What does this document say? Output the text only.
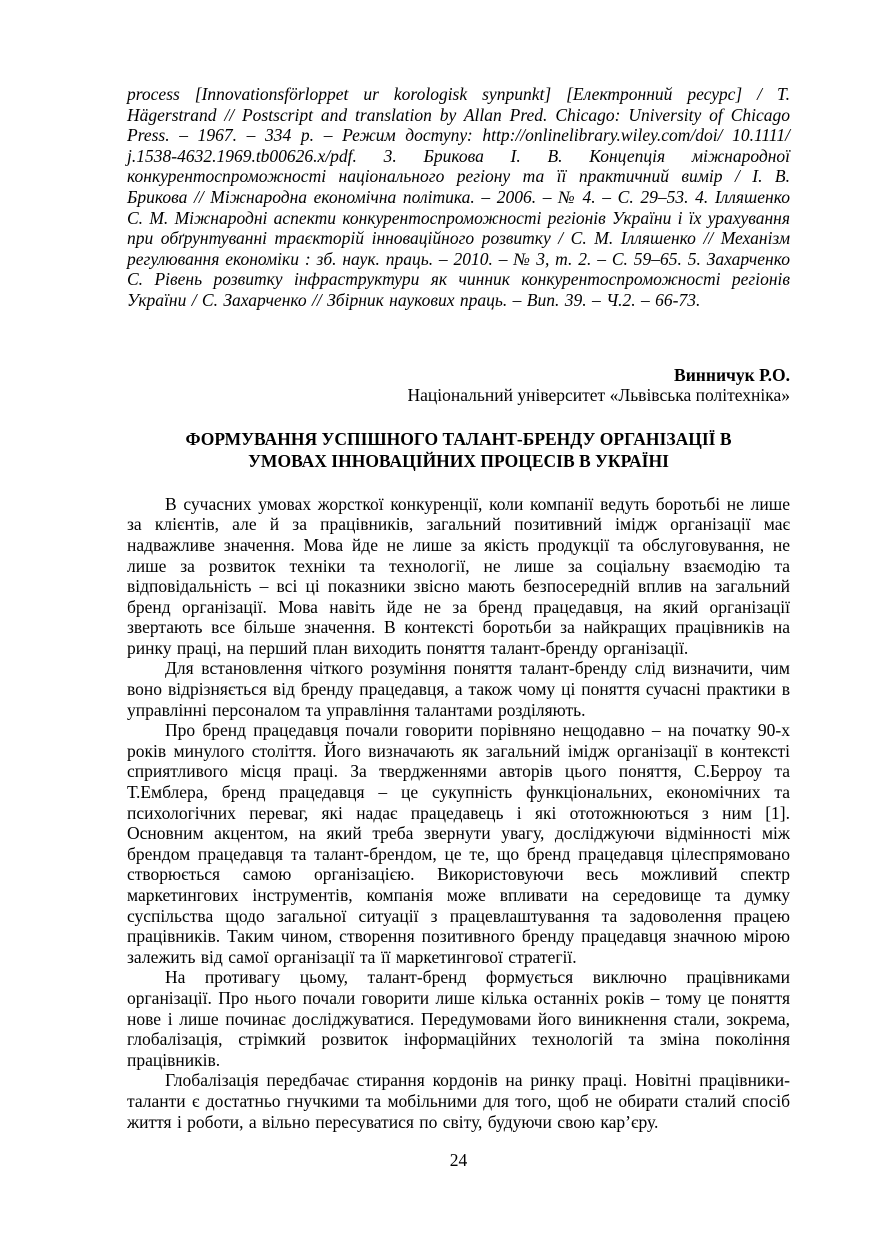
process [Innovationsförloppet ur korologisk synpunkt] [Електронний ресурс] / Т. Hägerstrand // Postscript and translation by Allan Pred. Chicago: University of Chicago Press. – 1967. – 334 p. – Режим доступу: http://onlinelibrary.wiley.com/doi/ 10.1111/ j.1538-4632.1969.tb00626.x/pdf. 3. Брикова І. В. Концепція міжнародної конкурентоспроможності національного регіону та її практичний вимір / І. В. Брикова // Міжнародна економічна політика. – 2006. – № 4. – С. 29–53. 4. Ілляшенко С. М. Міжнародні аспекти конкурентоспроможності регіонів України і їх урахування при обґрунтуванні траєкторій інноваційного розвитку / С. М. Ілляшенко // Механізм регулювання економіки : зб. наук. праць. – 2010. – № 3, т. 2. – С. 59–65. 5. Захарченко С. Рівень розвитку інфраструктури як чинник конкурентоспроможності регіонів України / С. Захарченко // Збірник наукових праць. – Вип. 39. – Ч.2. – 66-73.

Винничук Р.О.
Національний університет «Львівська політехніка»
ФОРМУВАННЯ УСПІШНОГО ТАЛАНТ-БРЕНДУ ОРГАНІЗАЦІЇ В
УМОВАХ ІННОВАЦІЙНИХ ПРОЦЕСІВ В УКРАЇНІ

В сучасних умовах жорсткої конкуренції, коли компанії ведуть боротьбі не лише за клієнтів, але й за працівників, загальний позитивний імідж організації має надважливе значення. Мова йде не лише за якість продукції та обслуговування, не лише за розвиток техніки та технології, не лише за соціальну взаємодію та відповідальність – всі ці показники звісно мають безпосередній вплив на загальний бренд організації. Мова навіть йде не за бренд працедавця, на який організації звертають все більше значення. В контексті боротьби за найкращих працівників на ринку праці, на перший план виходить поняття талант-бренду організації.

Для встановлення чіткого розуміння поняття талант-бренду слід визначити, чим воно відрізняється від бренду працедавця, а також чому ці поняття сучасні практики в управлінні персоналом та управління талантами розділяють.

Про бренд працедавця почали говорити порівняно нещодавно – на початку 90-х років минулого століття. Його визначають як загальний імідж організації в контексті сприятливого місця праці. За твердженнями авторів цього поняття, С.Берроу та Т.Емблера, бренд працедавця – це сукупність функціональних, економічних та психологічних переваг, які надає працедавець і які ототожнюються з ним [1]. Основним акцентом, на який треба звернути увагу, досліджуючи відмінності між брендом працедавця та талант-брендом, це те, що бренд працедавця цілеспрямовано створюється самою організацією. Використовуючи весь можливий спектр маркетингових інструментів, компанія може впливати на середовище та думку суспільства щодо загальної ситуації з працевлаштування та задоволення працею працівників. Таким чином, створення позитивного бренду працедавця значною мірою залежить від самої організації та її маркетингової стратегії.

На противагу цьому, талант-бренд формується виключно працівниками організації. Про нього почали говорити лише кілька останніх років – тому це поняття нове і лише починає досліджуватися. Передумовами його виникнення стали, зокрема, глобалізація, стрімкий розвиток інформаційних технологій та зміна покоління працівників.

Глобалізація передбачає стирання кордонів на ринку праці. Новітні працівники-таланти є достатньо гнучкими та мобільними для того, щоб не обирати сталий спосіб життя і роботи, а вільно пересуватися по світу, будуючи свою кар’єру.

24
